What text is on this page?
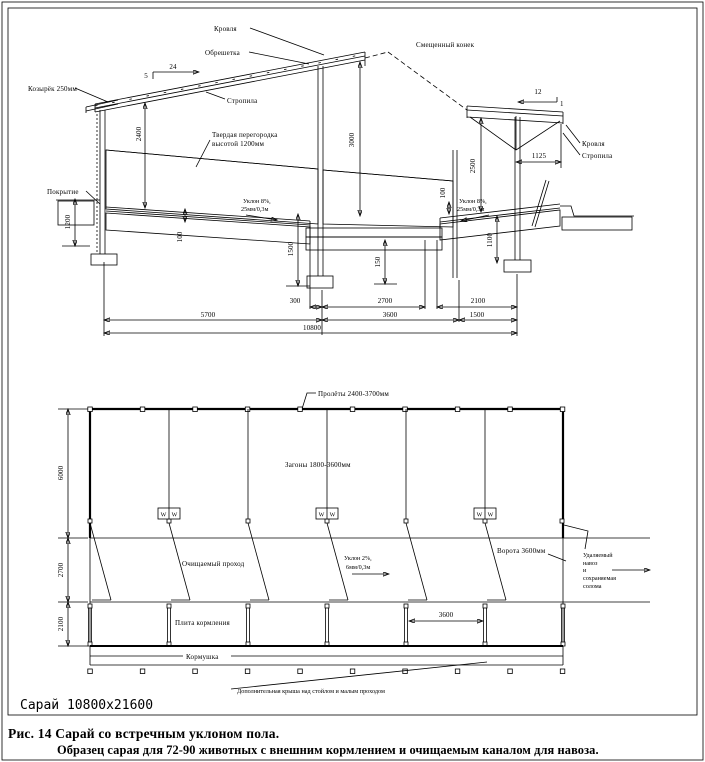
24
5
12
1
Козырёк 250мм
Кровля
Обрешетка
Стропила
Смещенный конек
Твердая перегородка
высотой 1200мм
Покрытие
Кровля
Стропила
Уклон 8%,
25мм/0,3м
Уклон 8%,
25мм/0,3м
2400	3000
1200
1500
150
100
100
1100
2500
1125
300	2700	2100
5700	3600	1500
10800
Пролёты 2400-3700мм
W W	W W	W W
Загоны 1800-3600мм
Очищаемый проход
Уклон 2%,
6мм/0,3м
Ворота 3600мм
Удаляемый
навоз
и
сохраняемая
солома
Плита кормления
3600
Кормушка
Дополнительная крыша над стойлом и малым проходом
6000
2700
2100
Сарай 10800x21600
Рис. 14 Сарай со встречным уклоном пола.
Образец сарая для 72-90 животных с внешним кормлением и очищаемым каналом для навоза.
